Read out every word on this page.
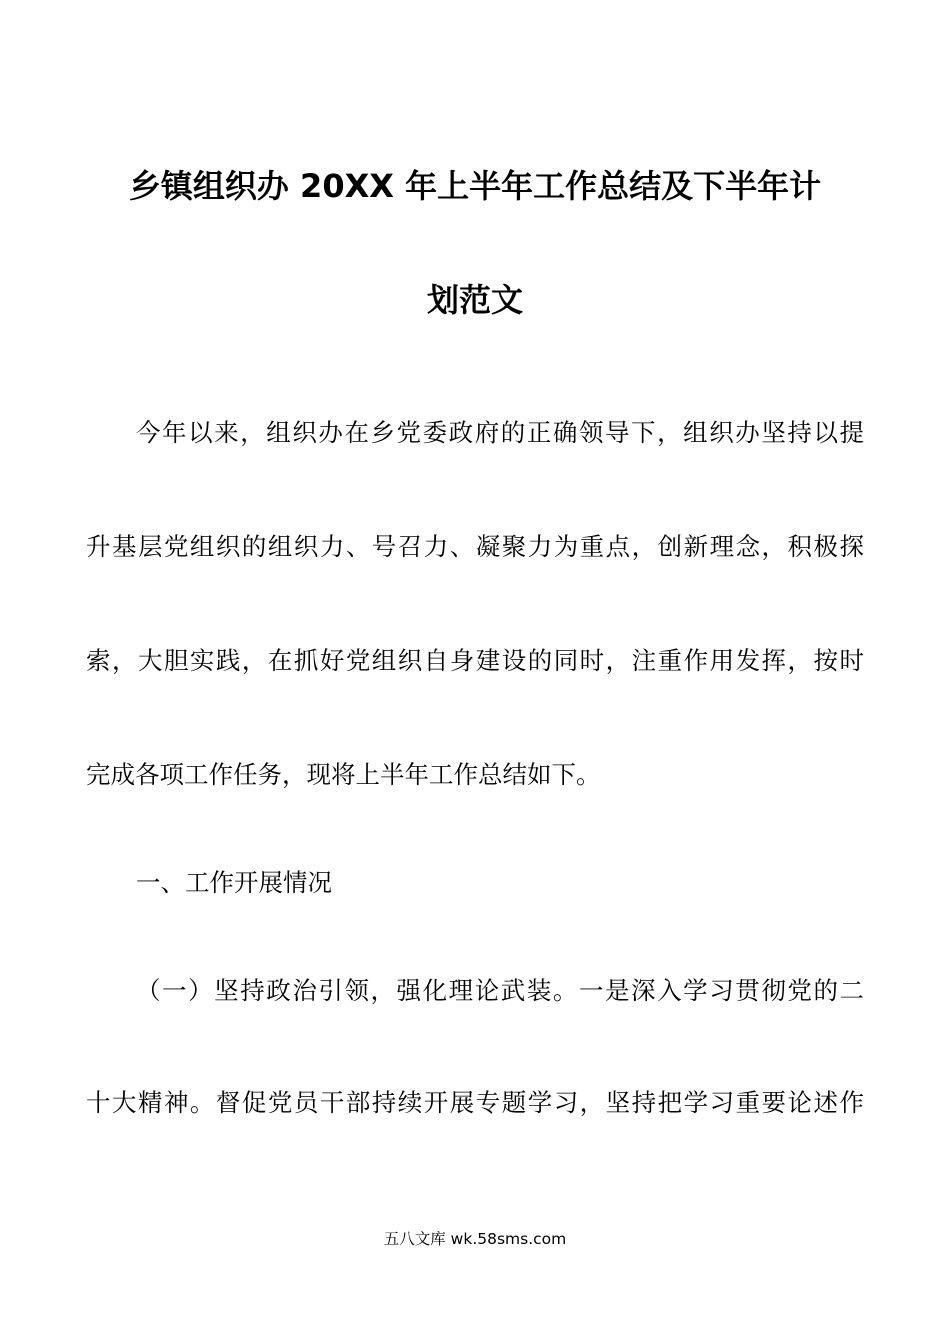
乡镇组织办 20XX 年上半年工作总结及下半年计
划范文
今年以来，组织办在乡党委政府的正确领导下，组织办坚持以提
升基层党组织的组织力、号召力、凝聚力为重点，创新理念，积极探
索，大胆实践，在抓好党组织自身建设的同时，注重作用发挥，按时
完成各项工作任务，现将上半年工作总结如下。
一、工作开展情况
（一）坚持政治引领，强化理论武装。一是深入学习贯彻党的二
十大精神。督促党员干部持续开展专题学习，坚持把学习重要论述作
五八文库 wk.58sms.com
